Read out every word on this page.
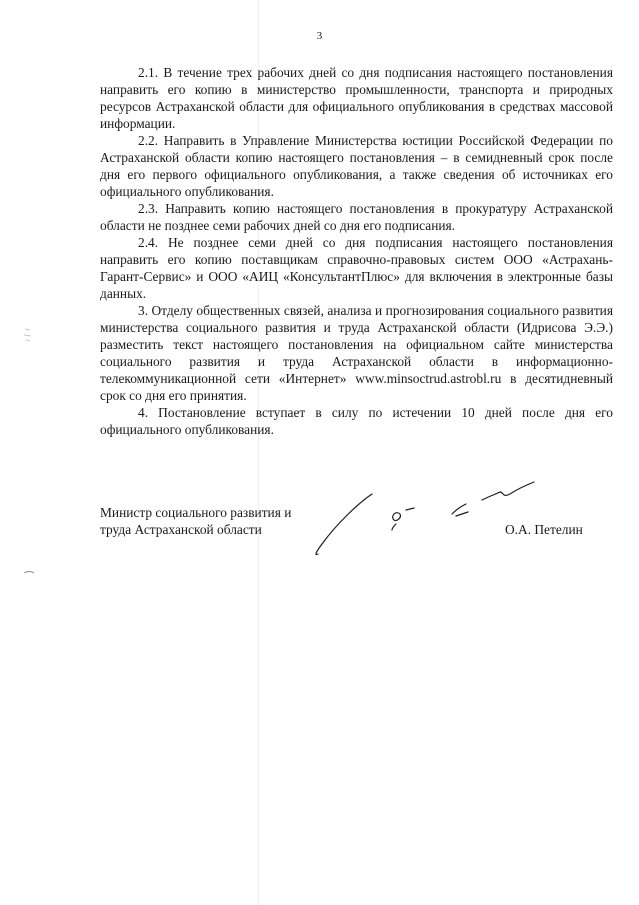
3

2.1. В течение трех рабочих дней со дня подписания настоящего постановления направить его копию в министерство промышленности, транспорта и природных ресурсов Астраханской области для официального опубликования в средствах массовой информации.

2.2. Направить в Управление Министерства юстиции Российской Федерации по Астраханской области копию настоящего постановления – в семидневный срок после дня его первого официального опубликования, а также сведения об источниках его официального опубликования.

2.3. Направить копию настоящего постановления в прокуратуру Астраханской области не позднее семи рабочих дней со дня его подписания.

2.4. Не позднее семи дней со дня подписания настоящего постановления направить его копию поставщикам справочно-правовых систем ООО «Астрахань-Гарант-Сервис» и ООО «АИЦ «КонсультантПлюс» для включения в электронные базы данных.

3. Отделу общественных связей, анализа и прогнозирования социального развития министерства социального развития и труда Астраханской области (Идрисова Э.Э.) разместить текст настоящего постановления на официальном сайте министерства социального развития и труда Астраханской области в информационно-телекоммуникационной сети «Интернет» www.minsoctrud.astrobl.ru в десятидневный срок со дня его принятия.

4. Постановление вступает в силу по истечении 10 дней после дня его официального опубликования.

Министр социального развития и
труда Астраханской области	О.А. Петелин
